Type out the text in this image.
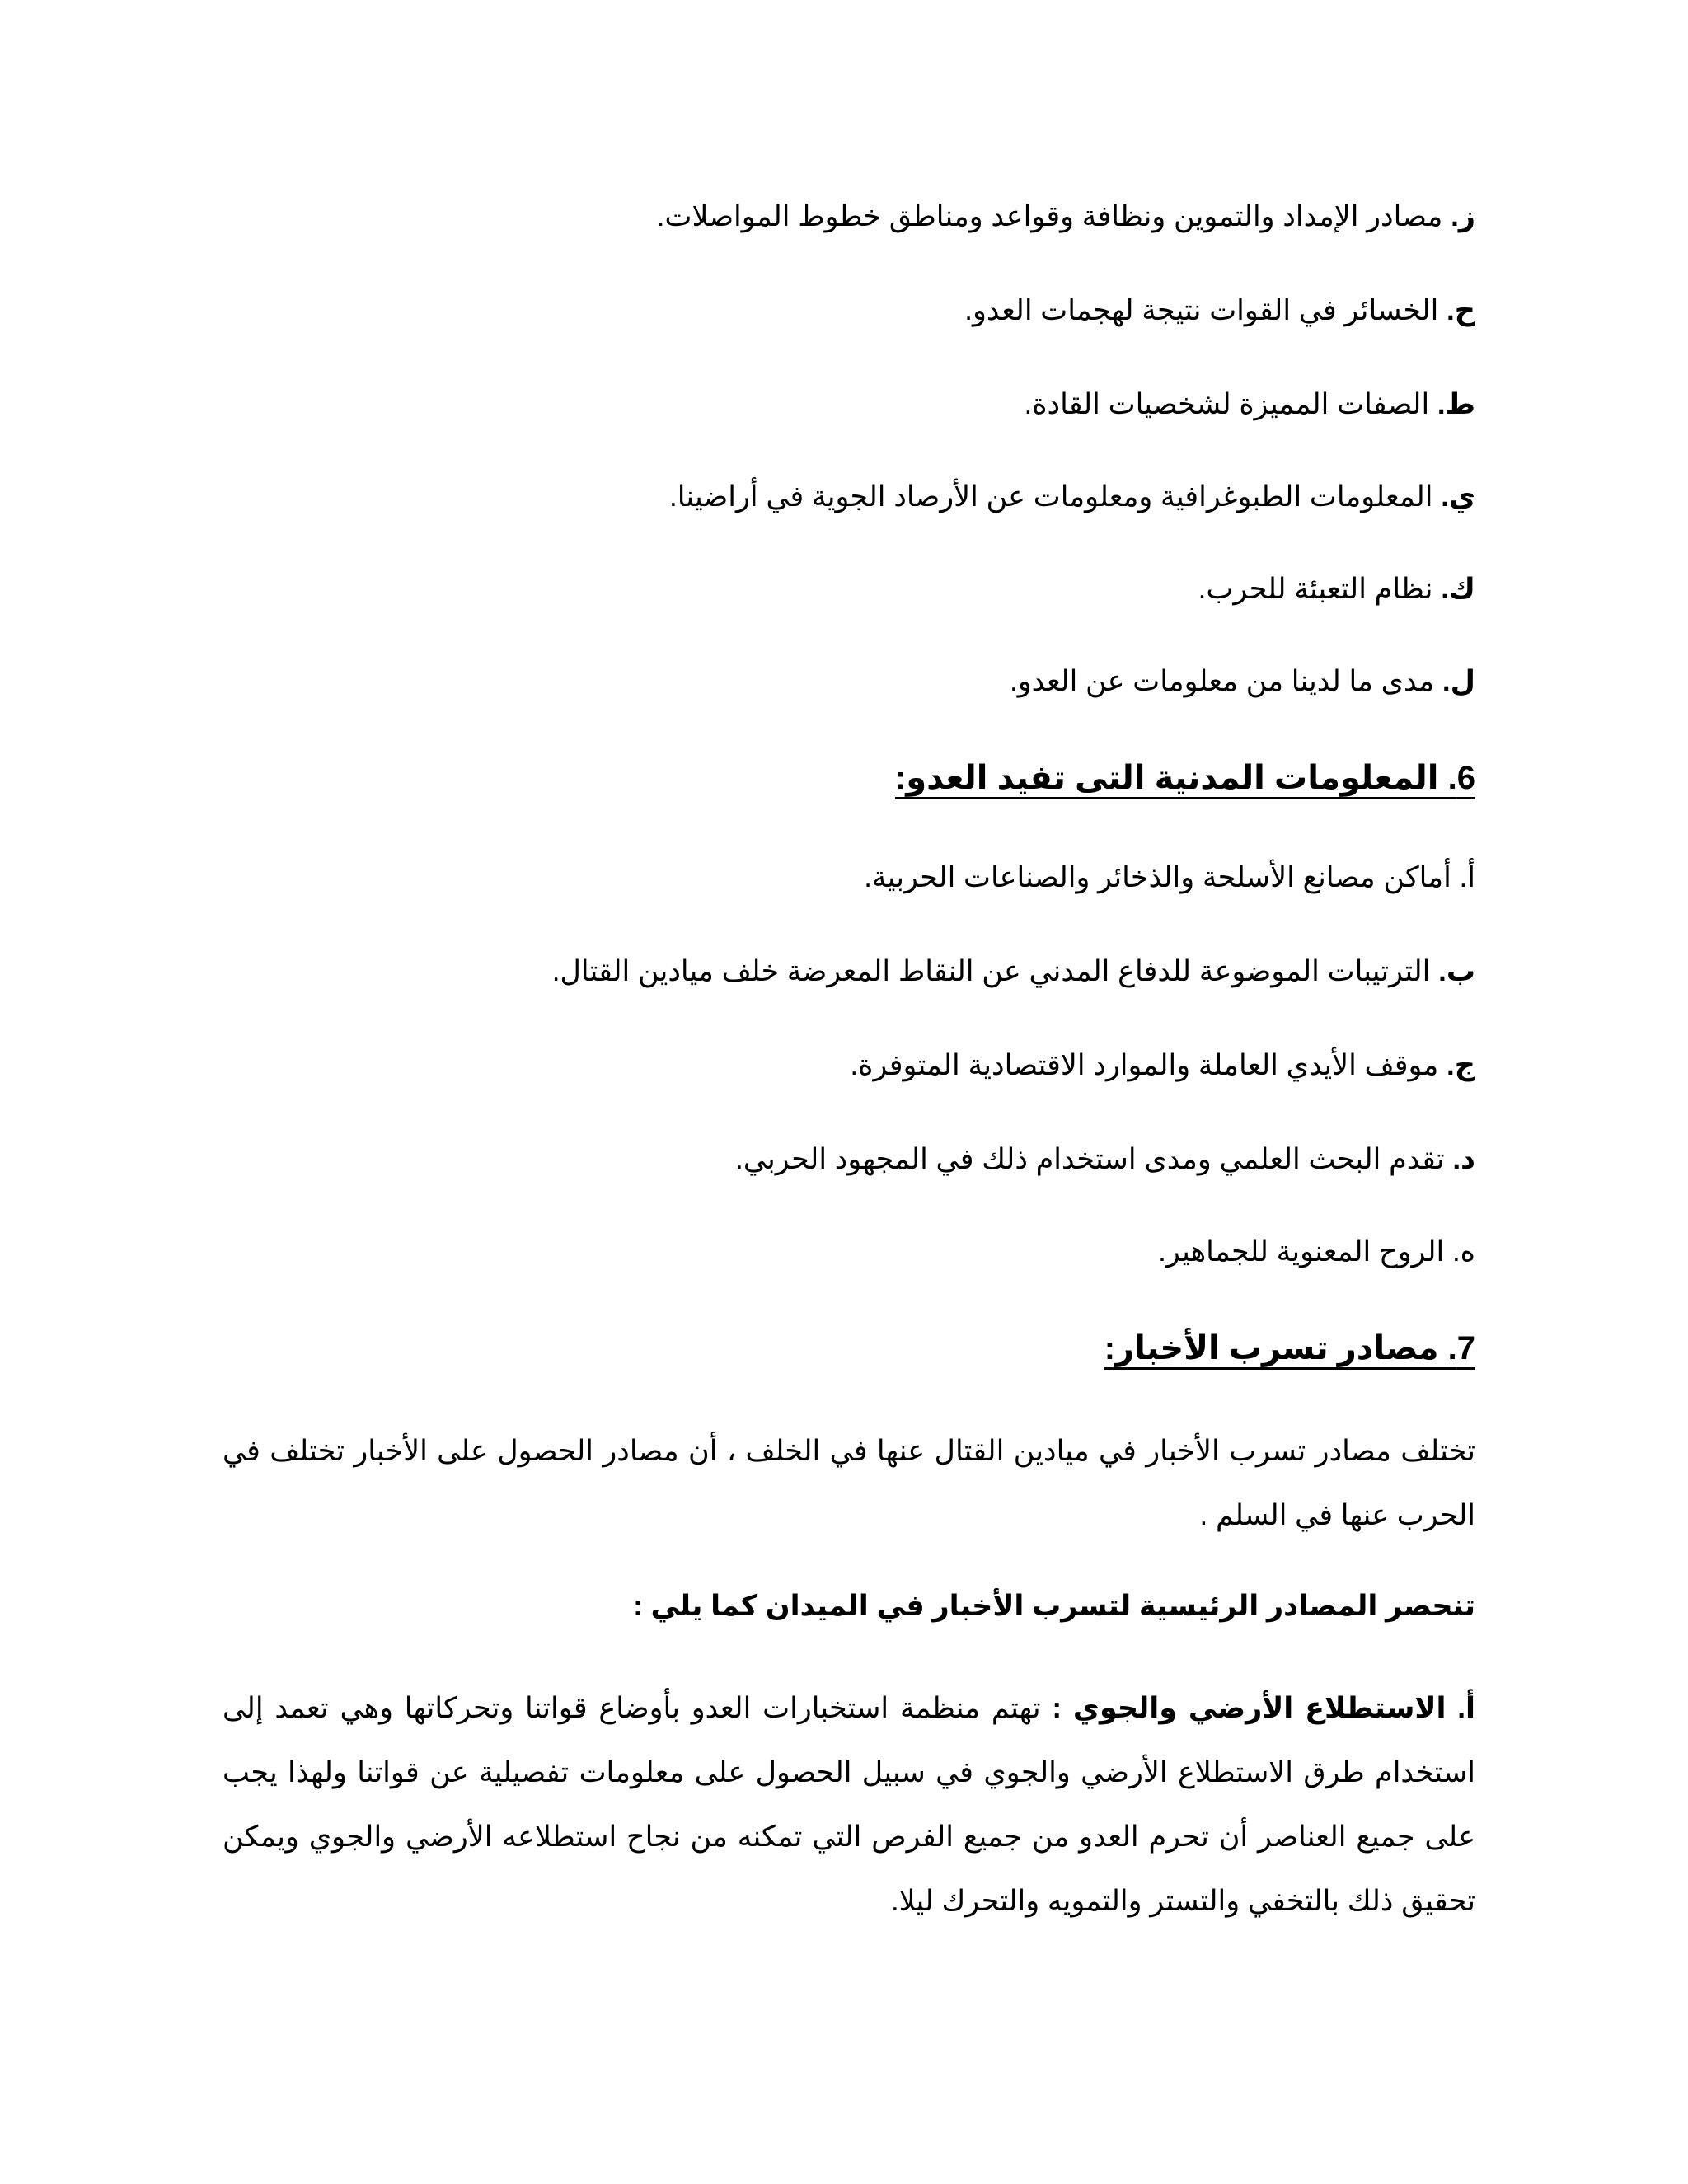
ز. مصادر الإمداد والتموين ونظافة وقواعد ومناطق خطوط المواصلات.
ح. الخسائر في القوات نتيجة لهجمات العدو.
ط. الصفات المميزة لشخصيات القادة.
ي. المعلومات الطبوغرافية ومعلومات عن الأرصاد الجوية في أراضينا.
ك. نظام التعبئة للحرب.
ل. مدى ما لدينا من معلومات عن العدو.
6. المعلومات المدنية التى تفيد العدو:
أ. أماكن مصانع الأسلحة والذخائر والصناعات الحربية.
ب. الترتيبات الموضوعة للدفاع المدني عن النقاط المعرضة خلف ميادين القتال.
ج. موقف الأيدي العاملة والموارد الاقتصادية المتوفرة.
د. تقدم البحث العلمي ومدى استخدام ذلك في المجهود الحربي.
ه. الروح المعنوية للجماهير.
7. مصادر تسرب الأخبار:
تختلف مصادر تسرب الأخبار في ميادين القتال عنها في الخلف ، أن مصادر الحصول على الأخبار تختلف في الحرب عنها في السلم .
تنحصر المصادر الرئيسية لتسرب الأخبار في الميدان كما يلي :
أ. الاستطلاع الأرضي والجوي : تهتم منظمة استخبارات العدو بأوضاع قواتنا وتحركاتها وهي تعمد إلى استخدام طرق الاستطلاع الأرضي والجوي في سبيل الحصول على معلومات تفصيلية عن قواتنا ولهذا يجب على جميع العناصر أن تحرم العدو من جميع الفرص التي تمكنه من نجاح استطلاعه الأرضي والجوي ويمكن تحقيق ذلك بالتخفي والتستر والتمويه والتحرك ليلا.
